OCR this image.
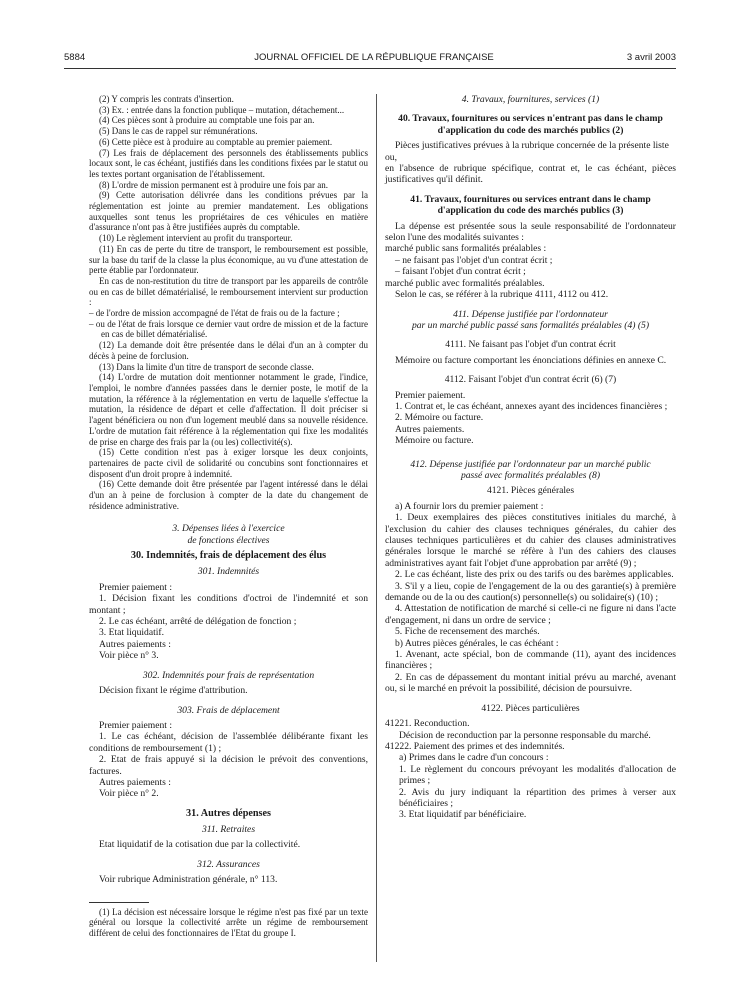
5884	JOURNAL OFFICIEL DE LA RÉPUBLIQUE FRANÇAISE	3 avril 2003

(2) Y compris les contrats d'insertion.

(3) Ex. : entrée dans la fonction publique – mutation, détachement...

(4) Ces pièces sont à produire au comptable une fois par an.

(5) Dans le cas de rappel sur rémunérations.

(6) Cette pièce est à produire au comptable au premier paiement.

(7) Les frais de déplacement des personnels des établissements publics locaux sont, le cas échéant, justifiés dans les conditions fixées par le statut ou les textes portant organisation de l'établissement.

(8) L'ordre de mission permanent est à produire une fois par an.

(9) Cette autorisation délivrée dans les conditions prévues par la réglementation est jointe au premier mandatement. Les obligations auxquelles sont tenus les propriétaires de ces véhicules en matière d'assurance n'ont pas à être justifiées auprès du comptable.

(10) Le règlement intervient au profit du transporteur.

(11) En cas de perte du titre de transport, le remboursement est possible, sur la base du tarif de la classe la plus économique, au vu d'une attestation de perte établie par l'ordonnateur.

En cas de non-restitution du titre de transport par les appareils de contrôle ou en cas de billet dématérialisé, le remboursement intervient sur production :

– de l'ordre de mission accompagné de l'état de frais ou de la facture ;

– ou de l'état de frais lorsque ce dernier vaut ordre de mission et de la facture en cas de billet dématérialisé.

(12) La demande doit être présentée dans le délai d'un an à compter du décès à peine de forclusion.

(13) Dans la limite d'un titre de transport de seconde classe.

(14) L'ordre de mutation doit mentionner notamment le grade, l'indice, l'emploi, le nombre d'années passées dans le dernier poste, le motif de la mutation, la référence à la réglementation en vertu de laquelle s'effectue la mutation, la résidence de départ et celle d'affectation. Il doit préciser si l'agent bénéficiera ou non d'un logement meublé dans sa nouvelle résidence. L'ordre de mutation fait référence à la réglementation qui fixe les modalités de prise en charge des frais par la (ou les) collectivité(s).

(15) Cette condition n'est pas à exiger lorsque les deux conjoints, partenaires de pacte civil de solidarité ou concubins sont fonctionnaires et disposent d'un droit propre à indemnité.

(16) Cette demande doit être présentée par l'agent intéressé dans le délai d'un an à peine de forclusion à compter de la date du changement de résidence administrative.

3. Dépenses liées à l'exercice

de fonctions électives

30. Indemnités, frais de déplacement des élus

301. Indemnités

Premier paiement :

1. Décision fixant les conditions d'octroi de l'indemnité et son montant ;

2. Le cas échéant, arrêté de délégation de fonction ;

3. Etat liquidatif.

Autres paiements :

Voir pièce n° 3.

302. Indemnités pour frais de représentation

Décision fixant le régime d'attribution.

303. Frais de déplacement

Premier paiement :

1. Le cas échéant, décision de l'assemblée délibérante fixant les conditions de remboursement (1) ;

2. Etat de frais appuyé si la décision le prévoit des conventions, factures.

Autres paiements :

Voir pièce n° 2.

31. Autres dépenses

311. Retraites

Etat liquidatif de la cotisation due par la collectivité.

312. Assurances

Voir rubrique Administration générale, n° 113.

(1) La décision est nécessaire lorsque le régime n'est pas fixé par un texte général ou lorsque la collectivité arrête un régime de remboursement différent de celui des fonctionnaires de l'Etat du groupe I.

4. Travaux, fournitures, services (1)

40. Travaux, fournitures ou services n'entrant pas dans le champ d'application du code des marchés publics (2)

Pièces justificatives prévues à la rubrique concernée de la présente liste

ou,

en l'absence de rubrique spécifique, contrat et, le cas échéant, pièces justificatives qu'il définit.

41. Travaux, fournitures ou services entrant dans le champ d'application du code des marchés publics (3)

La dépense est présentée sous la seule responsabilité de l'ordonnateur selon l'une des modalités suivantes :

marché public sans formalités préalables :

– ne faisant pas l'objet d'un contrat écrit ;

– faisant l'objet d'un contrat écrit ;

marché public avec formalités préalables.

Selon le cas, se référer à la rubrique 4111, 4112 ou 412.

411. Dépense justifiée par l'ordonnateur

par un marché public passé sans formalités préalables (4) (5)

4111. Ne faisant pas l'objet d'un contrat écrit

Mémoire ou facture comportant les énonciations définies en annexe C.

4112. Faisant l'objet d'un contrat écrit (6) (7)

Premier paiement.

1. Contrat et, le cas échéant, annexes ayant des incidences financières ;

2. Mémoire ou facture.

Autres paiements.

Mémoire ou facture.

412. Dépense justifiée par l'ordonnateur par un marché public

passé avec formalités préalables (8)

4121. Pièces générales

a) A fournir lors du premier paiement :

1. Deux exemplaires des pièces constitutives initiales du marché, à l'exclusion du cahier des clauses techniques générales, du cahier des clauses techniques particulières et du cahier des clauses administratives générales lorsque le marché se réfère à l'un des cahiers des clauses administratives ayant fait l'objet d'une approbation par arrêté (9) ;

2. Le cas échéant, liste des prix ou des tarifs ou des barèmes applicables.

3. S'il y a lieu, copie de l'engagement de la ou des garantie(s) à première demande ou de la ou des caution(s) personnelle(s) ou solidaire(s) (10) ;

4. Attestation de notification de marché si celle-ci ne figure ni dans l'acte d'engagement, ni dans un ordre de service ;

5. Fiche de recensement des marchés.

b) Autres pièces générales, le cas échéant :

1. Avenant, acte spécial, bon de commande (11), ayant des incidences financières ;

2. En cas de dépassement du montant initial prévu au marché, avenant ou, si le marché en prévoit la possibilité, décision de poursuivre.

4122. Pièces particulières

41221. Reconduction.

Décision de reconduction par la personne responsable du marché.

41222. Paiement des primes et des indemnités.

a) Primes dans le cadre d'un concours :

1. Le règlement du concours prévoyant les modalités d'allocation de primes ;

2. Avis du jury indiquant la répartition des primes à verser aux bénéficiaires ;

3. Etat liquidatif par bénéficiaire.
